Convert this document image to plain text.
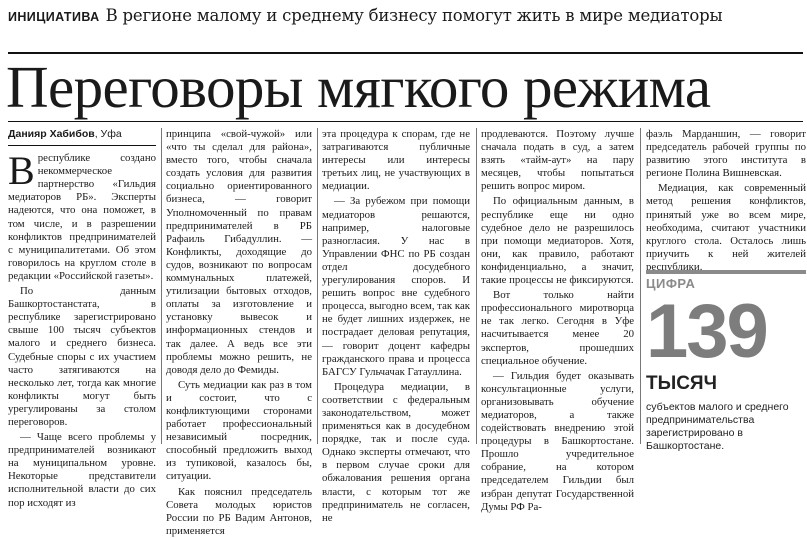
ИНИЦИАТИВА В регионе малому и среднему бизнесу помогут жить в мире медиаторы
Переговоры мягкого режима
Данияр Хабибов, Уфа

Вреспублике создано некоммерческое партнерство «Гильдия медиаторов РБ». Эксперты надеются, что она поможет, в том числе, и в разрешении конфликтов предпринимателей с муниципалитетами. Об этом говорилось на круглом столе в редакции «Российской газеты».

По данным Башкортостанстата, в республике зарегистрировано свыше 100 тысяч субъектов малого и среднего бизнеса. Судебные споры с их участием часто затягиваются на несколько лет, тогда как многие конфликты могут быть урегулированы за столом переговоров.

— Чаще всего проблемы у предпринимателей возникают на муниципальном уровне. Некоторые представители исполнительной власти до сих пор исходят из

принципа «свой-чужой» или «что ты сделал для района», вместо того, чтобы сначала создать условия для развития социально ориентированного бизнеса, — говорит Уполномоченный по правам предпринимателей в РБ Рафаиль Гибадуллин. — Конфликты, доходящие до судов, возникают по вопросам коммунальных платежей, утилизации бытовых отходов, оплаты за изготовление и установку вывесок и информационных стендов и так далее. А ведь все эти проблемы можно решить, не доводя дело до Фемиды.

Суть медиации как раз в том и состоит, что с конфликтующими сторонами работает профессиональный независимый посредник, способный предложить выход из тупиковой, казалось бы, ситуации.

Как пояснил председатель Совета молодых юристов России по РБ Вадим Антонов, применяется

эта процедура к спорам, где не затрагиваются публичные интересы или интересы третьих лиц, не участвующих в медиации.

— За рубежом при помощи медиаторов решаются, например, налоговые разногласия. У нас в Управлении ФНС по РБ создан отдел досудебного урегулирования споров. И решить вопрос вне судебного процесса, выгодно всем, так как не будет лишних издержек, не пострадает деловая репутация, — говорит доцент кафедры гражданского права и процесса БАГСУ Гульчачак Гатауллина.

Процедура медиации, в соответствии с федеральным законодательством, может применяться как в досудебном порядке, так и после суда. Однако эксперты отмечают, что в первом случае сроки для обжалования решения органа власти, с которым тот же предприниматель не согласен, не

продлеваются. Поэтому лучше сначала подать в суд, а затем взять «тайм-аут» на пару месяцев, чтобы попытаться решить вопрос миром.

По официальным данным, в республике еще ни одно судебное дело не разрешилось при помощи медиаторов. Хотя, они, как правило, работают конфиденциально, а значит, такие процессы не фиксируются.

Вот только найти профессионального миротворца не так легко. Сегодня в Уфе насчитывается менее 20 экспертов, прошедших специальное обучение.

— Гильдия будет оказывать консультационные услуги, организовывать обучение медиаторов, а также содействовать внедрению этой процедуры в Башкортостане. Прошло учредительное собрание, на котором председателем Гильдии был избран депутат Государственной Думы РФ Ра-

фаэль Марданшин, — говорит председатель рабочей группы по развитию этого института в регионе Полина Вишневская.

Медиация, как современный метод решения конфликтов, принятый уже во всем мире, необходима, считают участники круглого стола. Осталось лишь приучить к ней жителей республики.

ЦИФРА
139
ТЫСЯЧ
субъектов малого и среднего предпринимательства зарегистрировано в Башкортостане.
